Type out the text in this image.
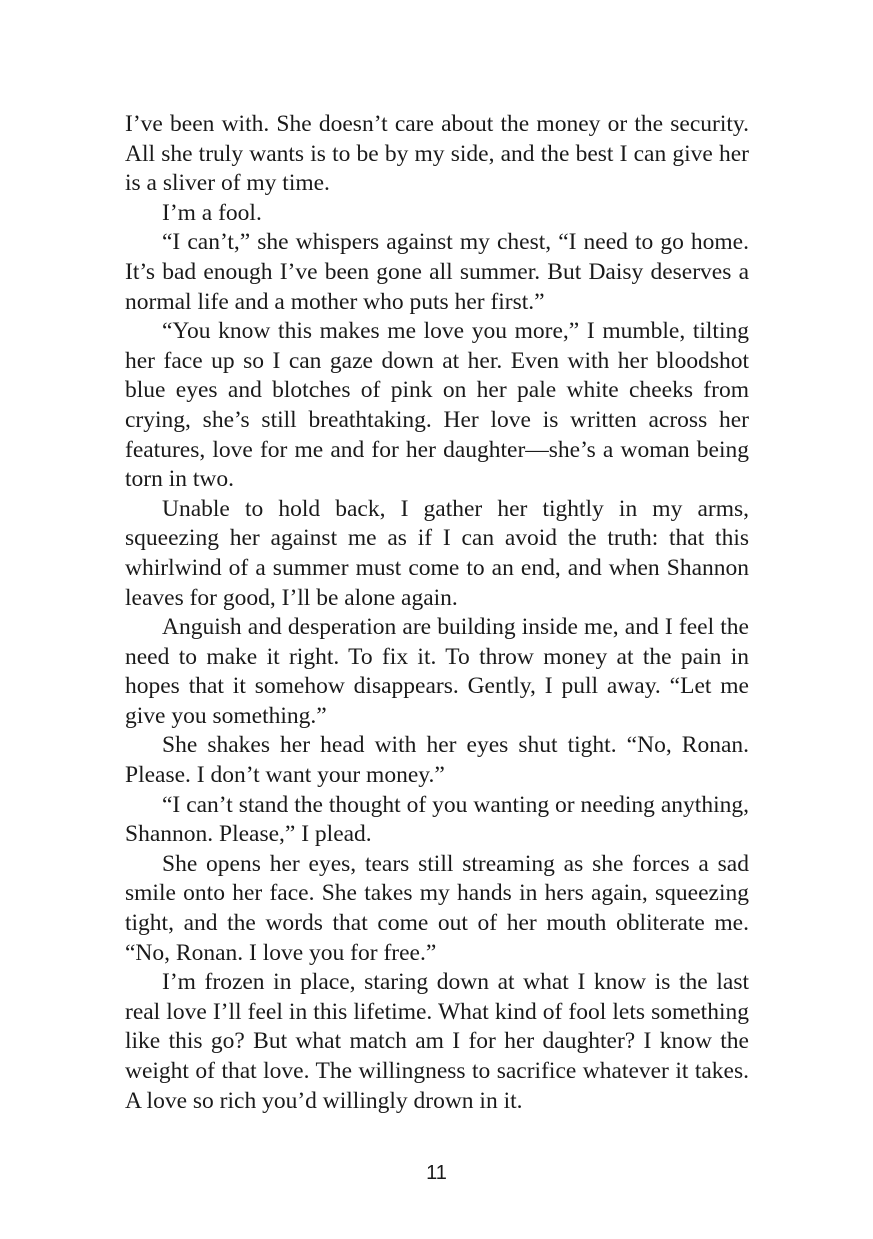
I’ve been with. She doesn’t care about the money or the security. All she truly wants is to be by my side, and the best I can give her is a sliver of my time.

I’m a fool.

“I can’t,” she whispers against my chest, “I need to go home. It’s bad enough I’ve been gone all summer. But Daisy deserves a normal life and a mother who puts her first.”

“You know this makes me love you more,” I mumble, tilting her face up so I can gaze down at her. Even with her bloodshot blue eyes and blotches of pink on her pale white cheeks from crying, she’s still breathtaking. Her love is written across her features, love for me and for her daughter—she’s a woman being torn in two.

Unable to hold back, I gather her tightly in my arms, squeezing her against me as if I can avoid the truth: that this whirlwind of a summer must come to an end, and when Shannon leaves for good, I’ll be alone again.

Anguish and desperation are building inside me, and I feel the need to make it right. To fix it. To throw money at the pain in hopes that it somehow disappears. Gently, I pull away. “Let me give you something.”

She shakes her head with her eyes shut tight. “No, Ronan. Please. I don’t want your money.”

“I can’t stand the thought of you wanting or needing anything, Shannon. Please,” I plead.

She opens her eyes, tears still streaming as she forces a sad smile onto her face. She takes my hands in hers again, squeezing tight, and the words that come out of her mouth obliterate me. “No, Ronan. I love you for free.”

I’m frozen in place, staring down at what I know is the last real love I’ll feel in this lifetime. What kind of fool lets something like this go? But what match am I for her daughter? I know the weight of that love. The willingness to sacrifice whatever it takes. A love so rich you’d willingly drown in it.

11
